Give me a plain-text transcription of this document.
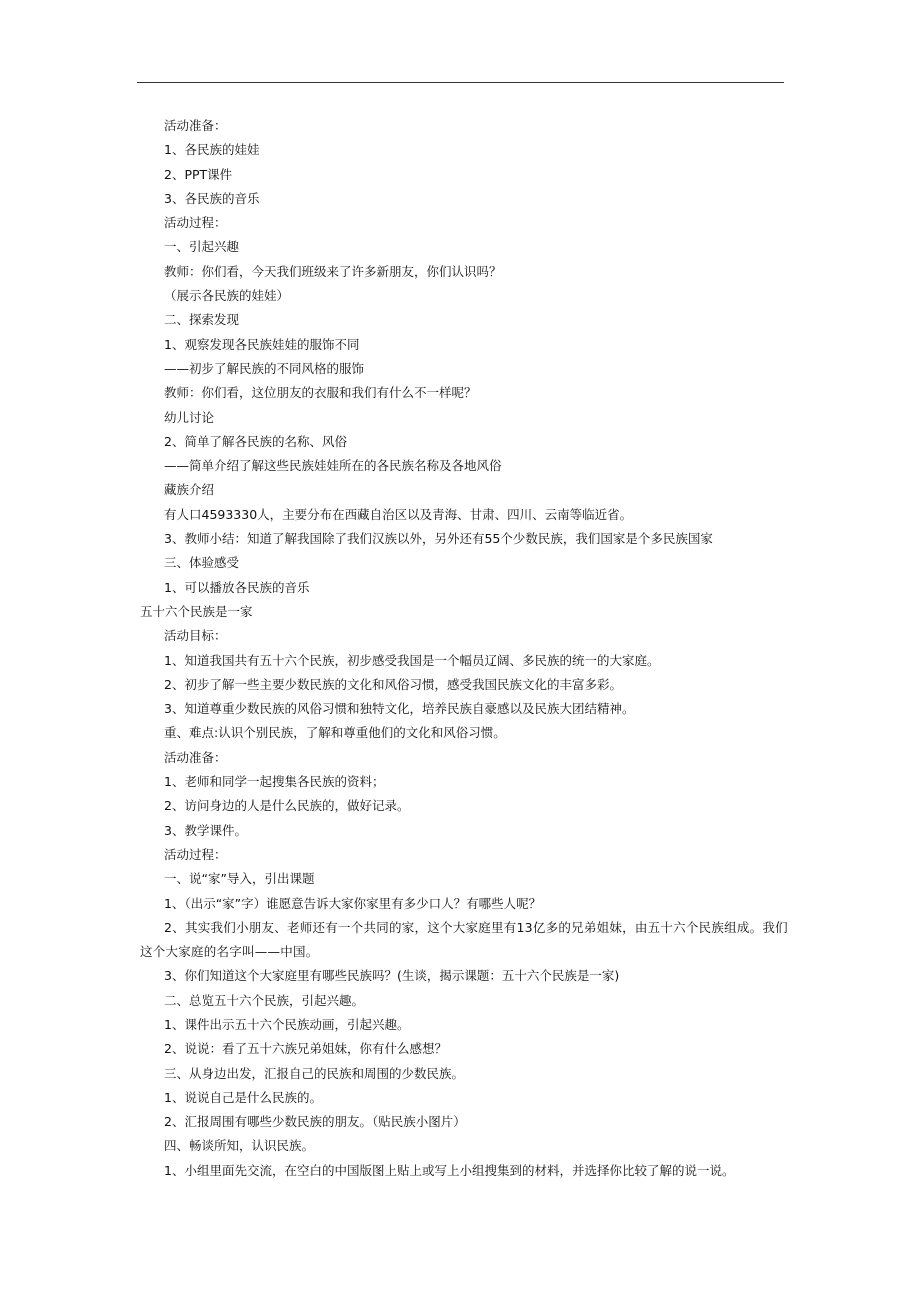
活动准备：
1、各民族的娃娃
2、PPT课件
3、各民族的音乐
活动过程：
一、引起兴趣
教师：你们看，今天我们班级来了许多新朋友，你们认识吗？
（展示各民族的娃娃）
二、探索发现
1、观察发现各民族娃娃的服饰不同
——初步了解民族的不同风格的服饰
教师：你们看，这位朋友的衣服和我们有什么不一样呢？
幼儿讨论
2、简单了解各民族的名称、风俗
——简单介绍了解这些民族娃娃所在的各民族名称及各地风俗
藏族介绍
有人口4593330人，主要分布在西藏自治区以及青海、甘肃、四川、云南等临近省。
3、教师小结：知道了解我国除了我们汉族以外，另外还有55个少数民族，我们国家是个多民族国家
三、体验感受
1、可以播放各民族的音乐
五十六个民族是一家
活动目标：
1、知道我国共有五十六个民族，初步感受我国是一个幅员辽阔、多民族的统一的大家庭。
2、初步了解一些主要少数民族的文化和风俗习惯，感受我国民族文化的丰富多彩。
3、知道尊重少数民族的风俗习惯和独特文化，培养民族自豪感以及民族大团结精神。
重、难点:认识个别民族，了解和尊重他们的文化和风俗习惯。
活动准备：
1、老师和同学一起搜集各民族的资料；
2、访问身边的人是什么民族的，做好记录。
3、教学课件。
活动过程：
一、说“家”导入，引出课题
1、（出示“家”字）谁愿意告诉大家你家里有多少口人？有哪些人呢？
2、其实我们小朋友、老师还有一个共同的家，这个大家庭里有13亿多的兄弟姐妹，由五十六个民族组成。我们这个大家庭的名字叫——中国。
3、你们知道这个大家庭里有哪些民族吗？(生谈，揭示课题：五十六个民族是一家)
二、总览五十六个民族，引起兴趣。
1、课件出示五十六个民族动画，引起兴趣。
2、说说：看了五十六族兄弟姐妹，你有什么感想？
三、从身边出发，汇报自己的民族和周围的少数民族。
1、说说自己是什么民族的。
2、汇报周围有哪些少数民族的朋友。（贴民族小图片）
四、畅谈所知，认识民族。
1、小组里面先交流，在空白的中国版图上贴上或写上小组搜集到的材料，并选择你比较了解的说一说。
